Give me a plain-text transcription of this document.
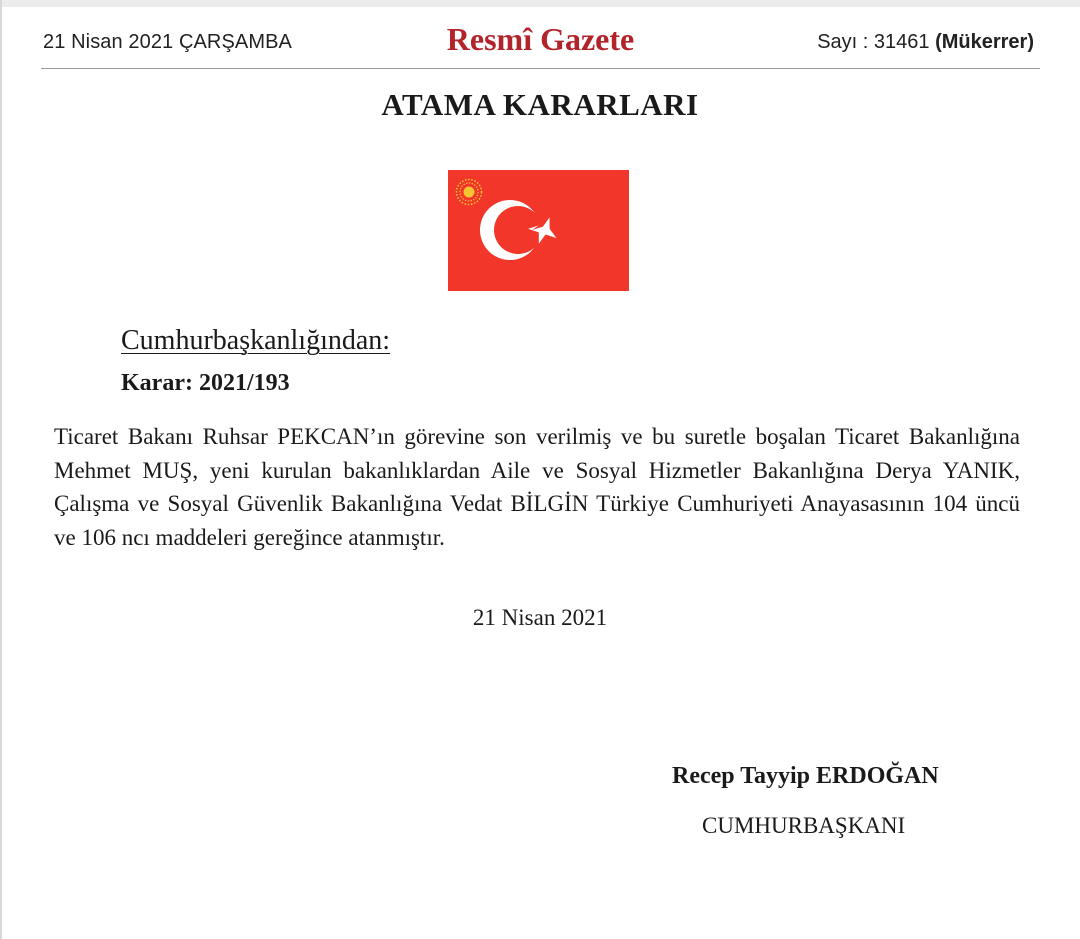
21 Nisan 2021 ÇARŞAMBA	Resmî Gazete	Sayı : 31461 (Mükerrer)
ATAMA KARARLARI
Cumhurbaşkanlığından:
Karar: 2021/193

Ticaret Bakanı Ruhsar PEKCAN’ın görevine son verilmiş ve bu suretle boşalan Ticaret Bakanlığına Mehmet MUŞ, yeni kurulan bakanlıklardan Aile ve Sosyal Hizmetler Bakanlığına Derya YANIK, Çalışma ve Sosyal Güvenlik Bakanlığına Vedat BİLGİN Türkiye Cumhuriyeti Anayasasının 104 üncü ve 106 ncı maddeleri gereğince atanmıştır.

21 Nisan 2021
Recep Tayyip ERDOĞAN
CUMHURBAŞKANI
